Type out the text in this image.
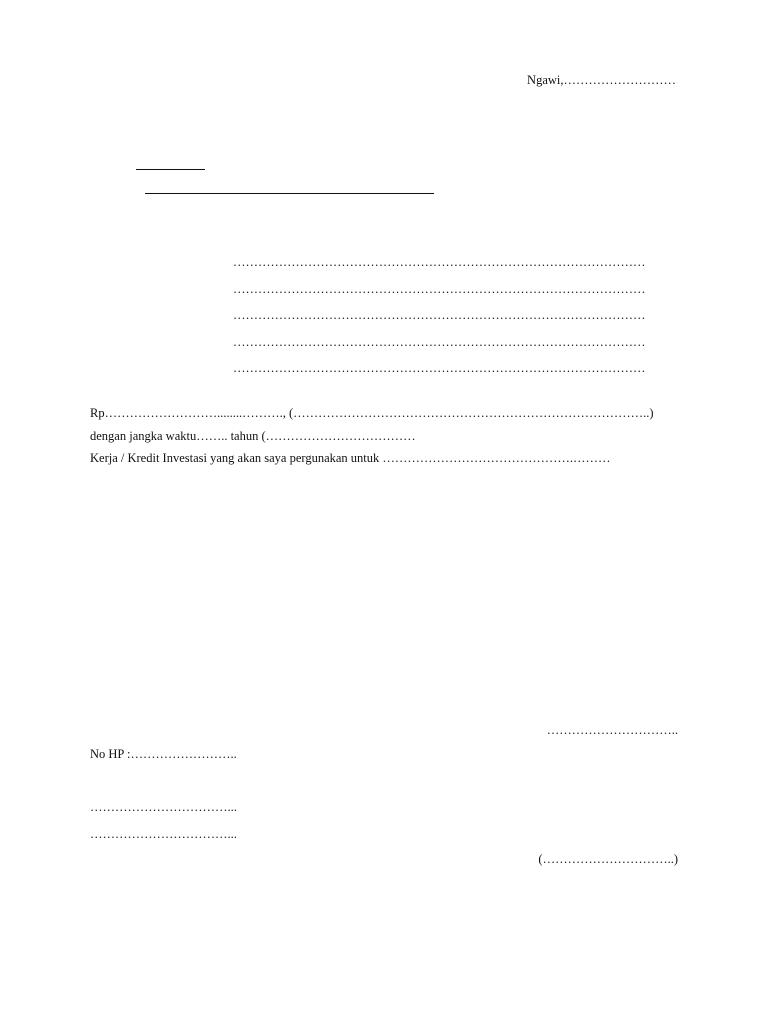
Ngawi,………………………
………………………………………………………………………………………
………………………………………………………………………………………
………………………………………………………………………………………
………………………………………………………………………………………
………………………………………………………………………………………
Rp………………………........………., (…………………………………………………………………………..)
dengan jangka waktu…….. tahun (………………………………
Kerja / Kredit Investasi yang akan saya pergunakan untuk ……………………………………….………
…………………………..
No HP :……………………..
……………………………...
……………………………...
(…………………………..)
